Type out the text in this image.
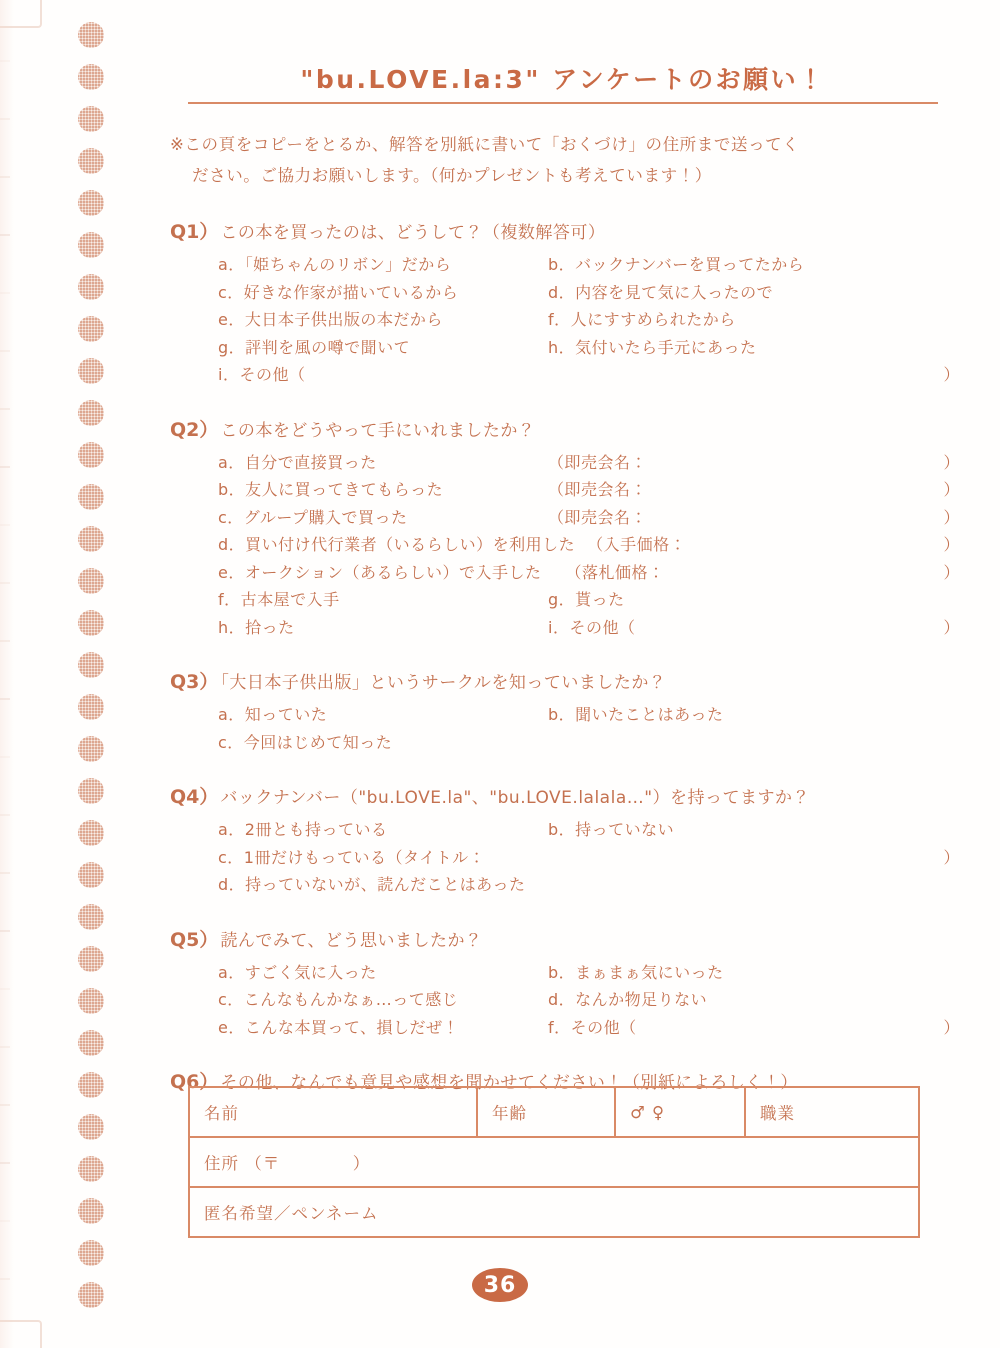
"bu.LOVE.la:3" アンケートのお願い！
※この頁をコピーをとるか、解答を別紙に書いて「おくづけ」の住所まで送ってく
ださい。ご協力お願いします。（何かプレゼントも考えています！）
Q1） この本を買ったのは、どうして？（複数解答可）
a．「姫ちゃんのリボン」だから	b．バックナンバーを買ってたから
c．好きな作家が描いているから	d．内容を見て気に入ったので
e．大日本子供出版の本だから	f．人にすすめられたから
g．評判を風の噂で聞いて	h．気付いたら手元にあった
i．その他（	）
Q2） この本をどうやって手にいれましたか？
a．自分で直接買った	（即売会名：	）
b．友人に買ってきてもらった	（即売会名：	）
c．グループ購入で買った	（即売会名：	）
d．買い付け代行業者（いるらしい）を利用した （入手価格：	）
e．オークション（あるらしい）で入手した （落札価格：	）
f．古本屋で入手	g．貰った
h．拾った	i．その他（	）
Q3） 「大日本子供出版」というサークルを知っていましたか？
a．知っていた	b．聞いたことはあった
c．今回はじめて知った
Q4） バックナンバー（"bu.LOVE.la"、"bu.LOVE.lalala…"）を持ってますか？
a．2冊とも持っている	b．持っていない
c．1冊だけもっている（タイトル：	）
d．持っていないが、読んだことはあった
Q5） 読んでみて、どう思いましたか？
a．すごく気に入った	b．まぁまぁ気にいった
c．こんなもんかなぁ…って感じ	d．なんか物足りない
e．こんな本買って、損しだぜ！	f．その他（	）
Q6） その他、なんでも意見や感想を聞かせてください！（別紙によろしく！）
名前	年齢	♂ ♀	職業
住所 （〒	）
匿名希望／ペンネーム
36
